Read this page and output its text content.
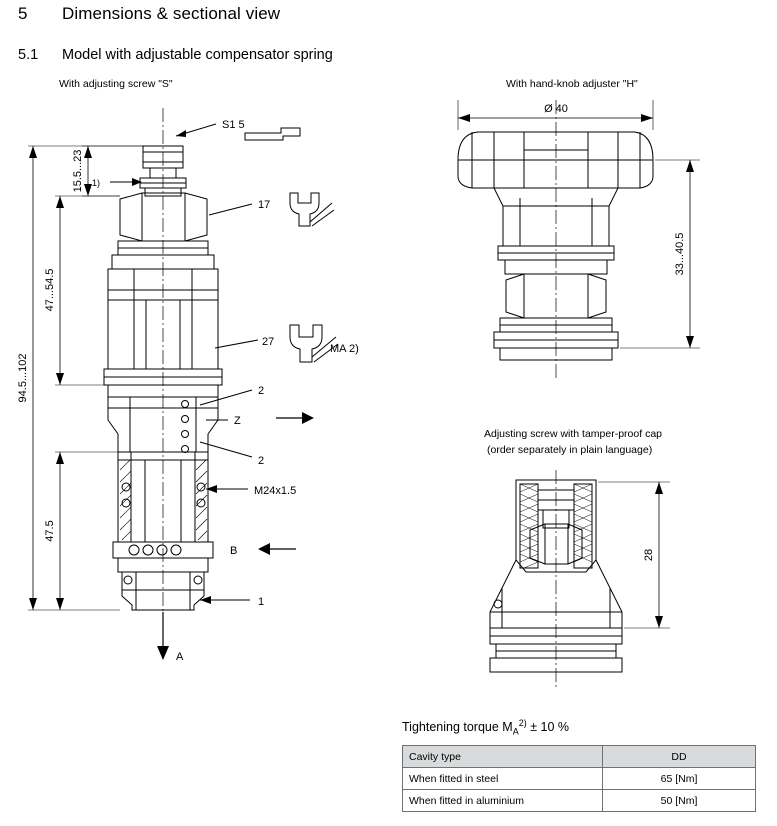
5 Dimensions & sectional view
5.1 Model with adjustable compensator spring
With adjusting screw "S"	With hand-knob adjuster "H"
Adjusting screw with tamper-proof cap
(order separately in plain language)
S1 5
1)
17
27
MA 2)
2
Z
2
M24x1.5
B
1
A
94.5...102
47...54.5
15.5...23
47.5
Ø 40
33...40.5
28
Tightening torque $M_A^{2)} \pm 10$ %
Cavity type	DD
When fitted in steel	65 [Nm]
When fitted in aluminium	50 [Nm]
